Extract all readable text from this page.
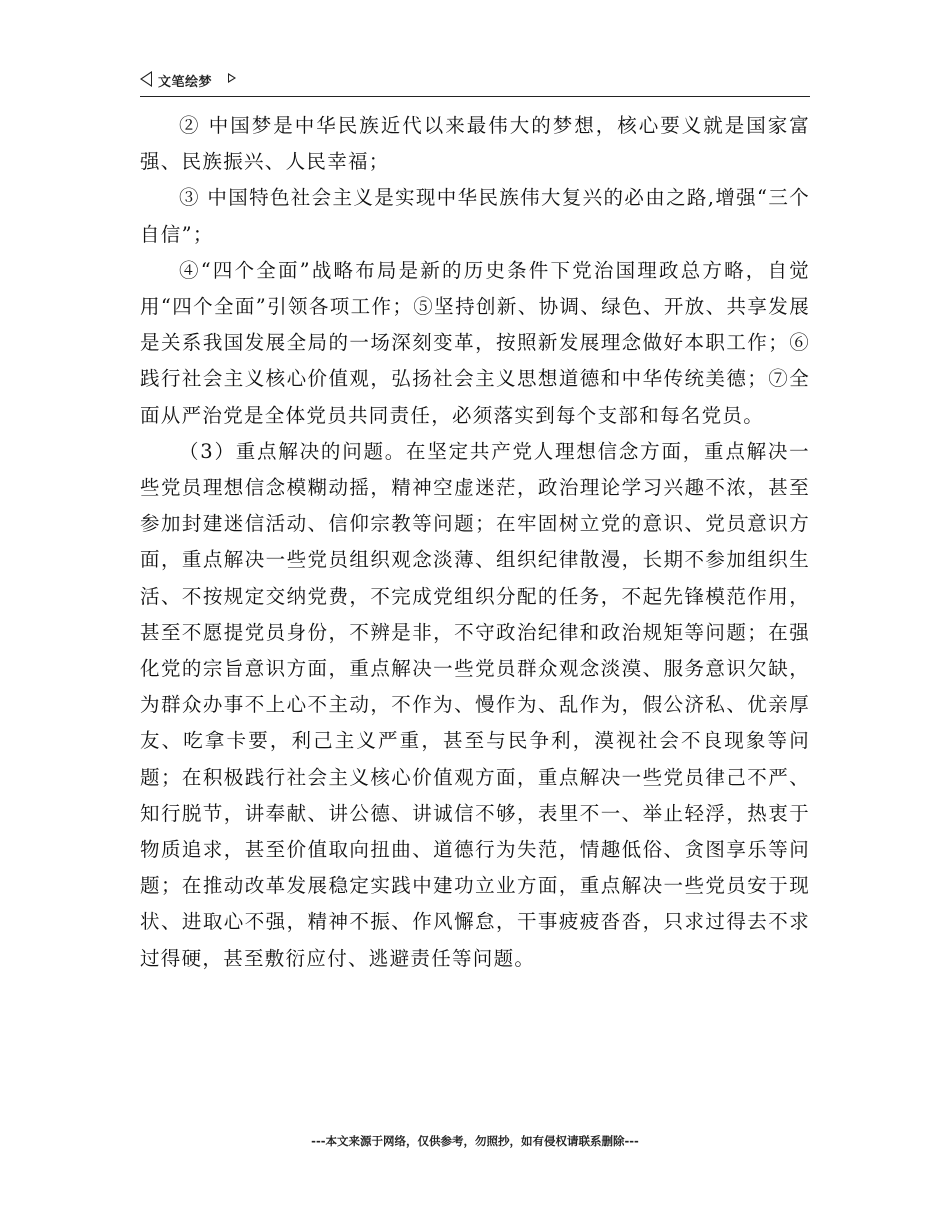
文笔绘梦

② 中国梦是中华民族近代以来最伟大的梦想，核心要义就是国家富强、民族振兴、人民幸福；

③ 中国特色社会主义是实现中华民族伟大复兴的必由之路,增强“三个自信”；

④“四个全面”战略布局是新的历史条件下党治国理政总方略，自觉用“四个全面”引领各项工作；⑤坚持创新、协调、绿色、开放、共享发展是关系我国发展全局的一场深刻变革，按照新发展理念做好本职工作；⑥践行社会主义核心价值观，弘扬社会主义思想道德和中华传统美德；⑦全面从严治党是全体党员共同责任，必须落实到每个支部和每名党员。

（3）重点解决的问题。在坚定共产党人理想信念方面，重点解决一些党员理想信念模糊动摇，精神空虚迷茫，政治理论学习兴趣不浓，甚至参加封建迷信活动、信仰宗教等问题；在牢固树立党的意识、党员意识方面，重点解决一些党员组织观念淡薄、组织纪律散漫，长期不参加组织生活、不按规定交纳党费，不完成党组织分配的任务，不起先锋模范作用，甚至不愿提党员身份，不辨是非，不守政治纪律和政治规矩等问题；在强化党的宗旨意识方面，重点解决一些党员群众观念淡漠、服务意识欠缺，为群众办事不上心不主动，不作为、慢作为、乱作为，假公济私、优亲厚友、吃拿卡要，利己主义严重，甚至与民争利，漠视社会不良现象等问题；在积极践行社会主义核心价值观方面，重点解决一些党员律己不严、知行脱节，讲奉献、讲公德、讲诚信不够，表里不一、举止轻浮，热衷于物质追求，甚至价值取向扭曲、道德行为失范，情趣低俗、贪图享乐等问题；在推动改革发展稳定实践中建功立业方面，重点解决一些党员安于现状、进取心不强，精神不振、作风懈怠，干事疲疲沓沓，只求过得去不求过得硬，甚至敷衍应付、逃避责任等问题。

---本文来源于网络，仅供参考，勿照抄，如有侵权请联系删除---
